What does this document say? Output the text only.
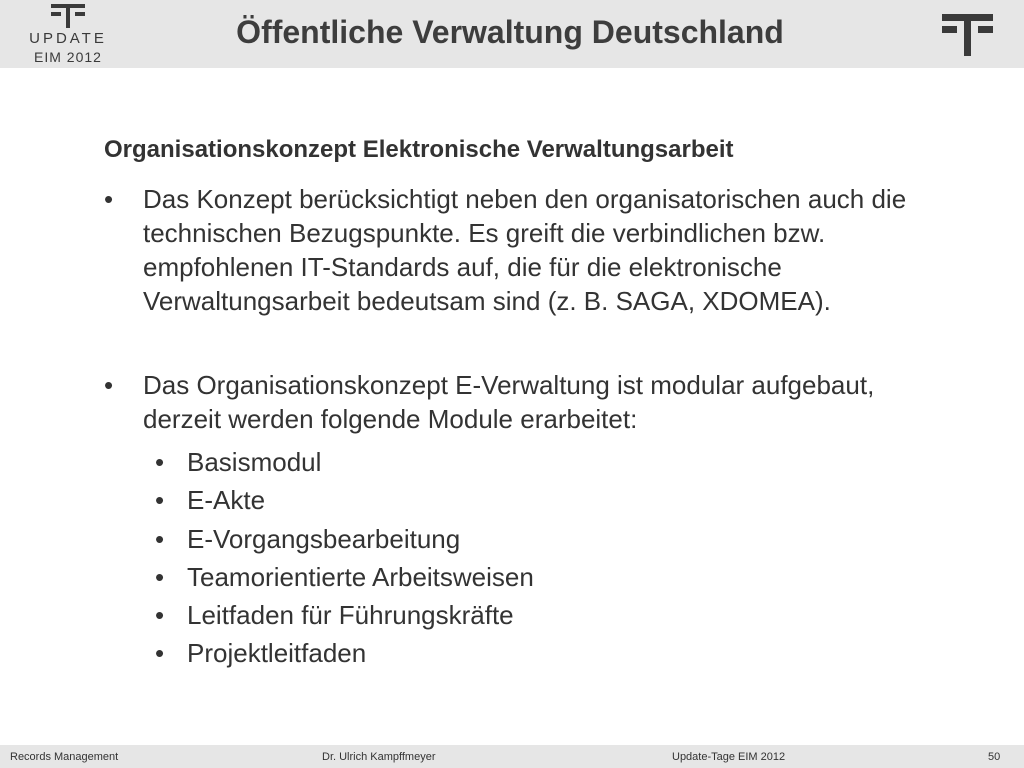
UPDATE
EIM 2012
Öffentliche Verwaltung Deutschland
Organisationskonzept Elektronische Verwaltungsarbeit
• Das Konzept berücksichtigt neben den organisatorischen auch die technischen Bezugspunkte. Es greift die verbindlichen bzw. empfohlenen IT-Standards auf, die für die elektronische Verwaltungsarbeit bedeutsam sind (z. B. SAGA, XDOMEA).
• Das Organisationskonzept E-Verwaltung ist modular aufgebaut, derzeit werden folgende Module erarbeitet:
• Basismodul
• E-Akte
• E-Vorgangsbearbeitung
• Teamorientierte Arbeitsweisen
• Leitfaden für Führungskräfte
• Projektleitfaden
Records Management	Dr. Ulrich Kampffmeyer	Update-Tage EIM 2012	50
